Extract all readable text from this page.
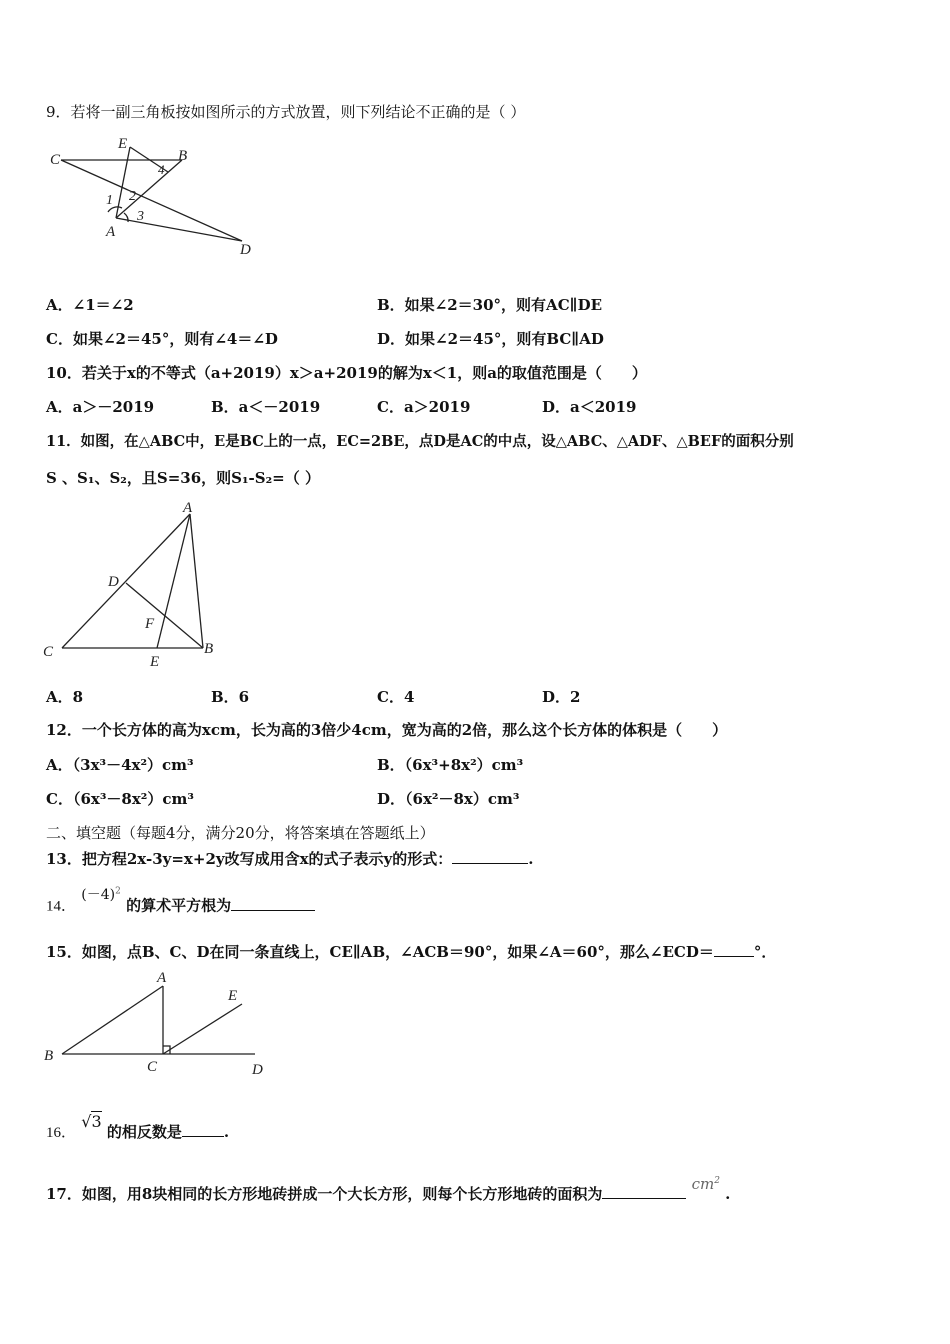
9．若将一副三角板按如图所示的方式放置，则下列结论不正确的是（ ）
C
E
B
A
D
1 2
3
4
A．∠1＝∠2	B．如果∠2＝30°，则有AC∥DE
C．如果∠2＝45°，则有∠4＝∠D	D．如果∠2＝45°，则有BC∥AD
10．若关于x的不等式（a+2019）x＞a+2019的解为x＜1，则a的取值范围是（　　）
A．a＞－2019	B．a＜－2019	C．a＞2019	D．a＜2019
11．如图，在△ABC中，E是BC上的一点，EC=2BE，点D是AC的中点，设△ABC、△ADF、△BEF的面积分别
S 、S₁、S₂，且S=36，则S₁-S₂=（ ）
A
D
F
C
E
B
A．8	B．6	C．4	D．2
12．一个长方体的高为xcm，长为高的3倍少4cm，宽为高的2倍，那么这个长方体的体积是（　　）
A．（3x³－4x²）cm³	B．（6x³+8x²）cm³
C．（6x³－8x²）cm³	D．（6x²－8x）cm³
二、填空题（每题4分，满分20分，将答案填在答题纸上）
13．把方程2x-3y=x+2y改写成用含x的式子表示y的形式：	.
14． $(-4)^2$ 的算术平方根为
15．如图，点B、C、D在同一条直线上，CE∥AB，∠ACB＝90°，如果∠A＝60°，那么∠ECD＝	°．
A
E
B
C	D
16． √3 的相反数是	.
17．如图，用8块相同的长方形地砖拼成一个大长方形，则每个长方形地砖的面积为 $cm^2$ .
